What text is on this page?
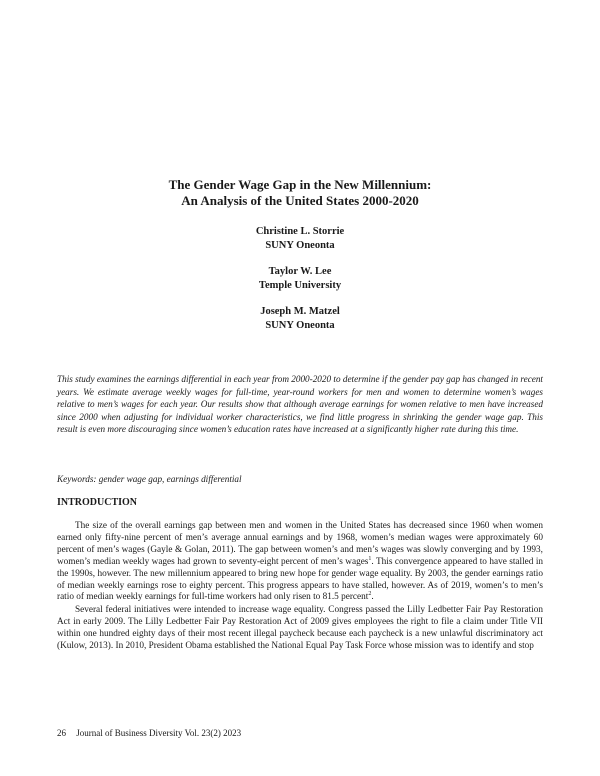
The Gender Wage Gap in the New Millennium:
An Analysis of the United States 2000-2020
Christine L. Storrie
SUNY Oneonta
Taylor W. Lee
Temple University
Joseph M. Matzel
SUNY Oneonta
This study examines the earnings differential in each year from 2000-2020 to determine if the gender pay gap has changed in recent years. We estimate average weekly wages for full-time, year-round workers for men and women to determine women’s wages relative to men’s wages for each year. Our results show that although average earnings for women relative to men have increased since 2000 when adjusting for individual worker characteristics, we find little progress in shrinking the gender wage gap. This result is even more discouraging since women’s education rates have increased at a significantly higher rate during this time.
Keywords: gender wage gap, earnings differential
INTRODUCTION

The size of the overall earnings gap between men and women in the United States has decreased since 1960 when women earned only fifty-nine percent of men’s average annual earnings and by 1968, women’s median wages were approximately 60 percent of men’s wages (Gayle & Golan, 2011). The gap between women’s and men’s wages was slowly converging and by 1993, women’s median weekly wages had grown to seventy-eight percent of men’s wages$^1$. This convergence appeared to have stalled in the 1990s, however. The new millennium appeared to bring new hope for gender wage equality. By 2003, the gender earnings ratio of median weekly earnings rose to eighty percent. This progress appears to have stalled, however. As of 2019, women’s to men’s ratio of median weekly earnings for full-time workers had only risen to 81.5 percent$^2$.

Several federal initiatives were intended to increase wage equality. Congress passed the Lilly Ledbetter Fair Pay Restoration Act in early 2009. The Lilly Ledbetter Fair Pay Restoration Act of 2009 gives employees the right to file a claim under Title VII within one hundred eighty days of their most recent illegal paycheck because each paycheck is a new unlawful discriminatory act (Kulow, 2013). In 2010, President Obama established the National Equal Pay Task Force whose mission was to identify and stop

26 Journal of Business Diversity Vol. 23(2) 2023
